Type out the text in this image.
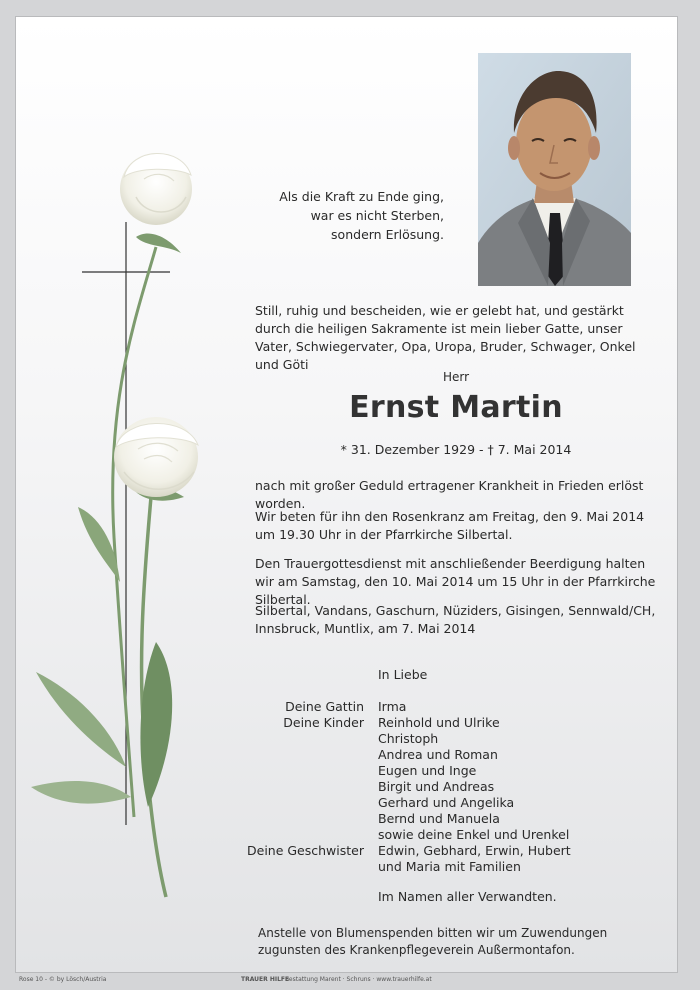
Als die Kraft zu Ende ging,
war es nicht Sterben,
sondern Erlösung.
Still, ruhig und bescheiden, wie er gelebt hat, und gestärkt durch die heiligen Sakramente ist mein lieber Gatte, unser Vater, Schwiegervater, Opa, Uropa, Bruder, Schwager, Onkel und Göti
Herr
Ernst Martin
* 31. Dezember 1929 - † 7. Mai 2014
nach mit großer Geduld ertragener Krankheit in Frieden erlöst worden.
Wir beten für ihn den Rosenkranz am Freitag, den 9. Mai 2014 um 19.30 Uhr in der Pfarrkirche Silbertal.
Den Trauergottesdienst mit anschließender Beerdigung halten wir am Samstag, den 10. Mai 2014 um 15 Uhr in der Pfarrkirche Silbertal.
Silbertal, Vandans, Gaschurn, Nüziders, Gisingen, Sennwald/CH, Innsbruck, Muntlix, am 7. Mai 2014
In Liebe
Deine Gattin
Deine Kinder
Deine Geschwister
Irma
Reinhold und Ulrike
Christoph
Andrea und Roman
Eugen und Inge
Birgit und Andreas
Gerhard und Angelika
Bernd und Manuela
sowie deine Enkel und Urenkel
Edwin, Gebhard, Erwin, Hubert
und Maria mit Familien
Im Namen aller Verwandten.
Anstelle von Blumenspenden bitten wir um Zuwendungen zugunsten des Krankenpflegeverein Außermontafon.
Rose 10 - © by Lösch/Austria	TRAUER HILFE
· Bestattung Marent · Schruns · www.trauerhilfe.at
